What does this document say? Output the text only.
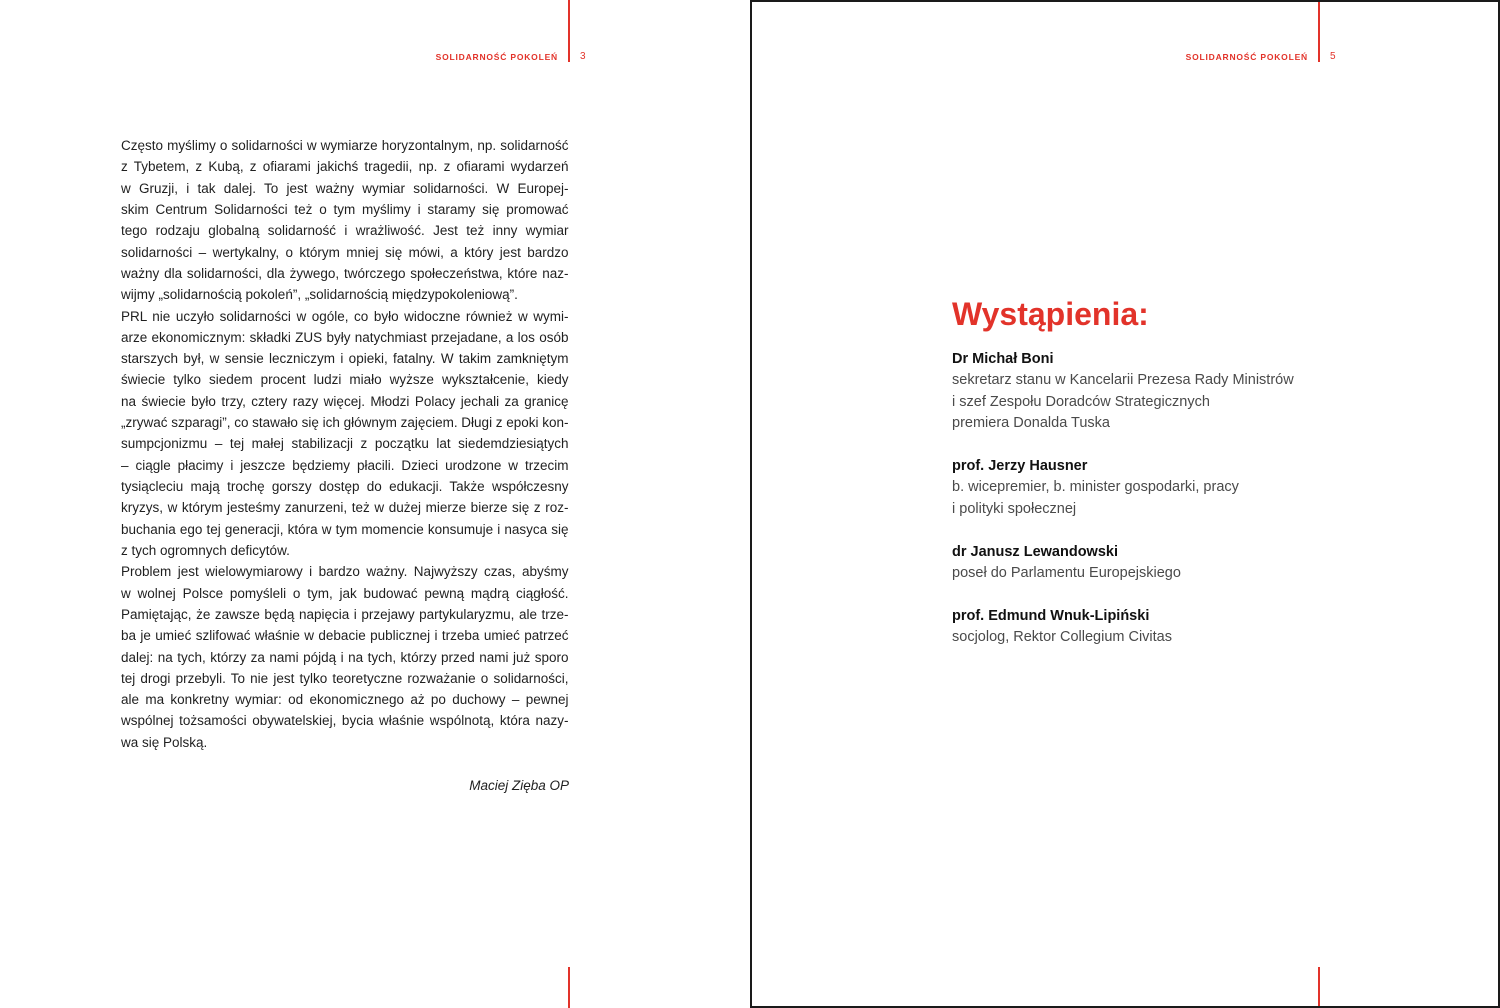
SOLIDARNOŚĆ POKOLEŃ 3
Często myślimy o solidarności w wymiarze horyzontalnym, np. solidarność
z Tybetem, z Kubą, z ofiarami jakichś tragedii, np. z ofiarami wydarzeń
w Gruzji, i tak dalej. To jest ważny wymiar solidarności. W Europej-
skim Centrum Solidarności też o tym myślimy i staramy się promować
tego rodzaju globalną solidarność i wrażliwość. Jest też inny wymiar
solidarności – wertykalny, o którym mniej się mówi, a który jest bardzo
ważny dla solidarności, dla żywego, twórczego społeczeństwa, które naz-
wijmy „solidarnością pokoleń”, „solidarnością międzypokoleniową”.
PRL nie uczyło solidarności w ogóle, co było widoczne również w wymi-
arze ekonomicznym: składki ZUS były natychmiast przejadane, a los osób
starszych był, w sensie leczniczym i opieki, fatalny. W takim zamkniętym
świecie tylko siedem procent ludzi miało wyższe wykształcenie, kiedy
na świecie było trzy, cztery razy więcej. Młodzi Polacy jechali za granicę
„zrywać szparagi”, co stawało się ich głównym zajęciem. Długi z epoki kon-
sumpcjonizmu – tej małej stabilizacji z początku lat siedemdziesiątych
– ciągle płacimy i jeszcze będziemy płacili. Dzieci urodzone w trzecim
tysiącleciu mają trochę gorszy dostęp do edukacji. Także współczesny
kryzys, w którym jesteśmy zanurzeni, też w dużej mierze bierze się z roz-
buchania ego tej generacji, która w tym momencie konsumuje i nasyca się
z tych ogromnych deficytów.
Problem jest wielowymiarowy i bardzo ważny. Najwyższy czas, abyśmy
w wolnej Polsce pomyśleli o tym, jak budować pewną mądrą ciągłość.
Pamiętając, że zawsze będą napięcia i przejawy partykularyzmu, ale trze-
ba je umieć szlifować właśnie w debacie publicznej i trzeba umieć patrzeć
dalej: na tych, którzy za nami pójdą i na tych, którzy przed nami już sporo
tej drogi przebyli. To nie jest tylko teoretyczne rozważanie o solidarności,
ale ma konkretny wymiar: od ekonomicznego aż po duchowy – pewnej
wspólnej tożsamości obywatelskiej, bycia właśnie wspólnotą, która nazy-
wa się Polską.
Maciej Zięba OP
SOLIDARNOŚĆ POKOLEŃ 5
Wystąpienia:
Dr Michał Boni
sekretarz stanu w Kancelarii Prezesa Rady Ministrów
i szef Zespołu Doradców Strategicznych
premiera Donalda Tuska
prof. Jerzy Hausner
b. wicepremier, b. minister gospodarki, pracy
i polityki społecznej
dr Janusz Lewandowski
poseł do Parlamentu Europejskiego
prof. Edmund Wnuk-Lipiński
socjolog, Rektor Collegium Civitas
